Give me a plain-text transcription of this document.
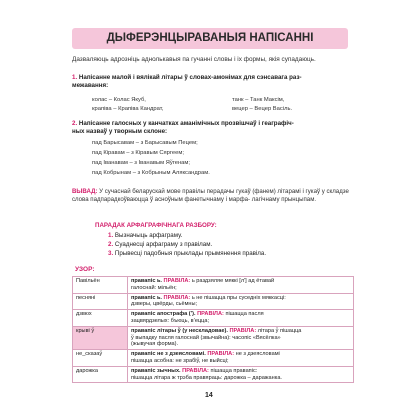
ДЫФЕРЭНЦЫРАВАНЫЯ НАПІСАННІ
Дазваляюць адрозніць аднолькавыя па гучанні словы і іх формы, якія супадаюць.
1. Напісанне малой і вялікай літары ў словах-амонімах для сэнсавага раз-
межавання:
колас – Колас Якуб,	танк – Танк Максім,
крапіва – Крапіва Кандрат,	вецер – Вецер Васіль.
2. Напісанне галосных у канчатках аманімічных прозвішчаў і геаграфіч-
ных назваў у творным склоне:
пад Барысавам – з Барысавым Пецем;
пад Кіравам – з Кіравым Сяргеем;
пад Іванавам – з Іванавым Яўгенам;
пад Кобрынам – з Кобрыным Аляксандрам.
ВЫВАД: У сучаснай беларускай мове правілы перадачы гукаў (фанем) літарамі і гукаў у складзе слова падпарадкоўваюцца ў асноўным фанетычнаму і марфа- лагічнаму прынцыпам.
ПАРАДАК АРФАГРАФІЧНАГА РАЗБОРУ:
1. Вызначыць арфаграму.
2. Суаднесці арфаграму з правілам.
3. Прывесці падобныя прыклады прымянення правіла.
УЗОР:
Павільён	правапіс ь. ПРАВІЛА: ь раздзяляе мяккі [л'] ад ётавай
галоснай: мільён;
песняні	правапіс ь. ПРАВІЛА: ь не пішацца пры суседніх мяккасці:
дзверы, цвёрды, сьёмны;
дзвюх	правапіс апострафа (’). ПРАВІЛА: пішацца пасля
зацвярдзелых: бъюць, в’ецца;
крыві ў	правапіс літары ў (у нескладовае). ПРАВІЛА: літара ў пішацца
ў выпадку пасля галоснай (звычайна): часопіс «Вясёлка»
(жывучая форма).
не_сказаў	правапіс не з дзеясловамі. ПРАВІЛА: не з дзеясловамі
пішацца асобна: не зрабіў, не выйсці;
дарожка	правапіс зычных. ПРАВІЛА: пішацца правапіс:
пішацца літара ж трэба правяраць: дарожка – даражанка.
14
